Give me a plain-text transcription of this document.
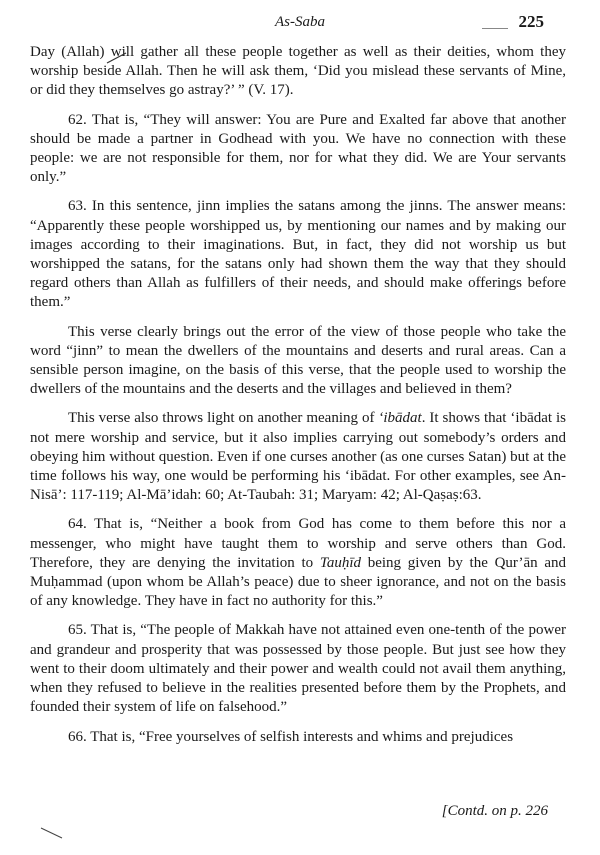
As-Saba	225

Day (Allah) will gather all these people together as well as their deities, whom they worship beside Allah. Then he will ask them, ‘Did you mislead these servants of Mine, or did they themselves go astray?’ ” (V. 17).

62. That is, “They will answer: You are Pure and Exalted far above that another should be made a partner in Godhead with you. We have no connection with these people: we are not responsible for them, nor for what they did. We are Your servants only.”

63. In this sentence, jinn implies the satans among the jinns. The answer means: “Apparently these people worshipped us, by mentioning our names and by making our images according to their imaginations. But, in fact, they did not worship us but worshipped the satans, for the satans only had shown them the way that they should regard others than Allah as fulfillers of their needs, and should make offerings before them.”

This verse clearly brings out the error of the view of those people who take the word “jinn” to mean the dwellers of the mountains and deserts and rural areas. Can a sensible person imagine, on the basis of this verse, that the people used to worship the dwellers of the mountains and the deserts and the villages and believed in them?

This verse also throws light on another meaning of ‘ibādat. It shows that ‘ibādat is not mere worship and service, but it also implies carrying out somebody’s orders and obeying him without question. Even if one curses another (as one curses Satan) but at the time follows his way, one would be performing his ‘ibādat. For other examples, see An-Nisā’: 117-119; Al-Mā’idah: 60; At-Taubah: 31; Maryam: 42; Al-Qaṣaṣ:63.

64. That is, “Neither a book from God has come to them before this nor a messenger, who might have taught them to worship and serve others than God. Therefore, they are denying the invitation to Tauḥīd being given by the Qur’ān and Muḥammad (upon whom be Allah’s peace) due to sheer ignorance, and not on the basis of any knowledge. They have in fact no authority for this.”

65. That is, “The people of Makkah have not attained even one-tenth of the power and grandeur and prosperity that was possessed by those people. But just see how they went to their doom ultimately and their power and wealth could not avail them anything, when they refused to believe in the realities presented before them by the Prophets, and founded their system of life on falsehood.”

66. That is, “Free yourselves of selfish interests and whims and prejudices

[Contd. on p. 226
